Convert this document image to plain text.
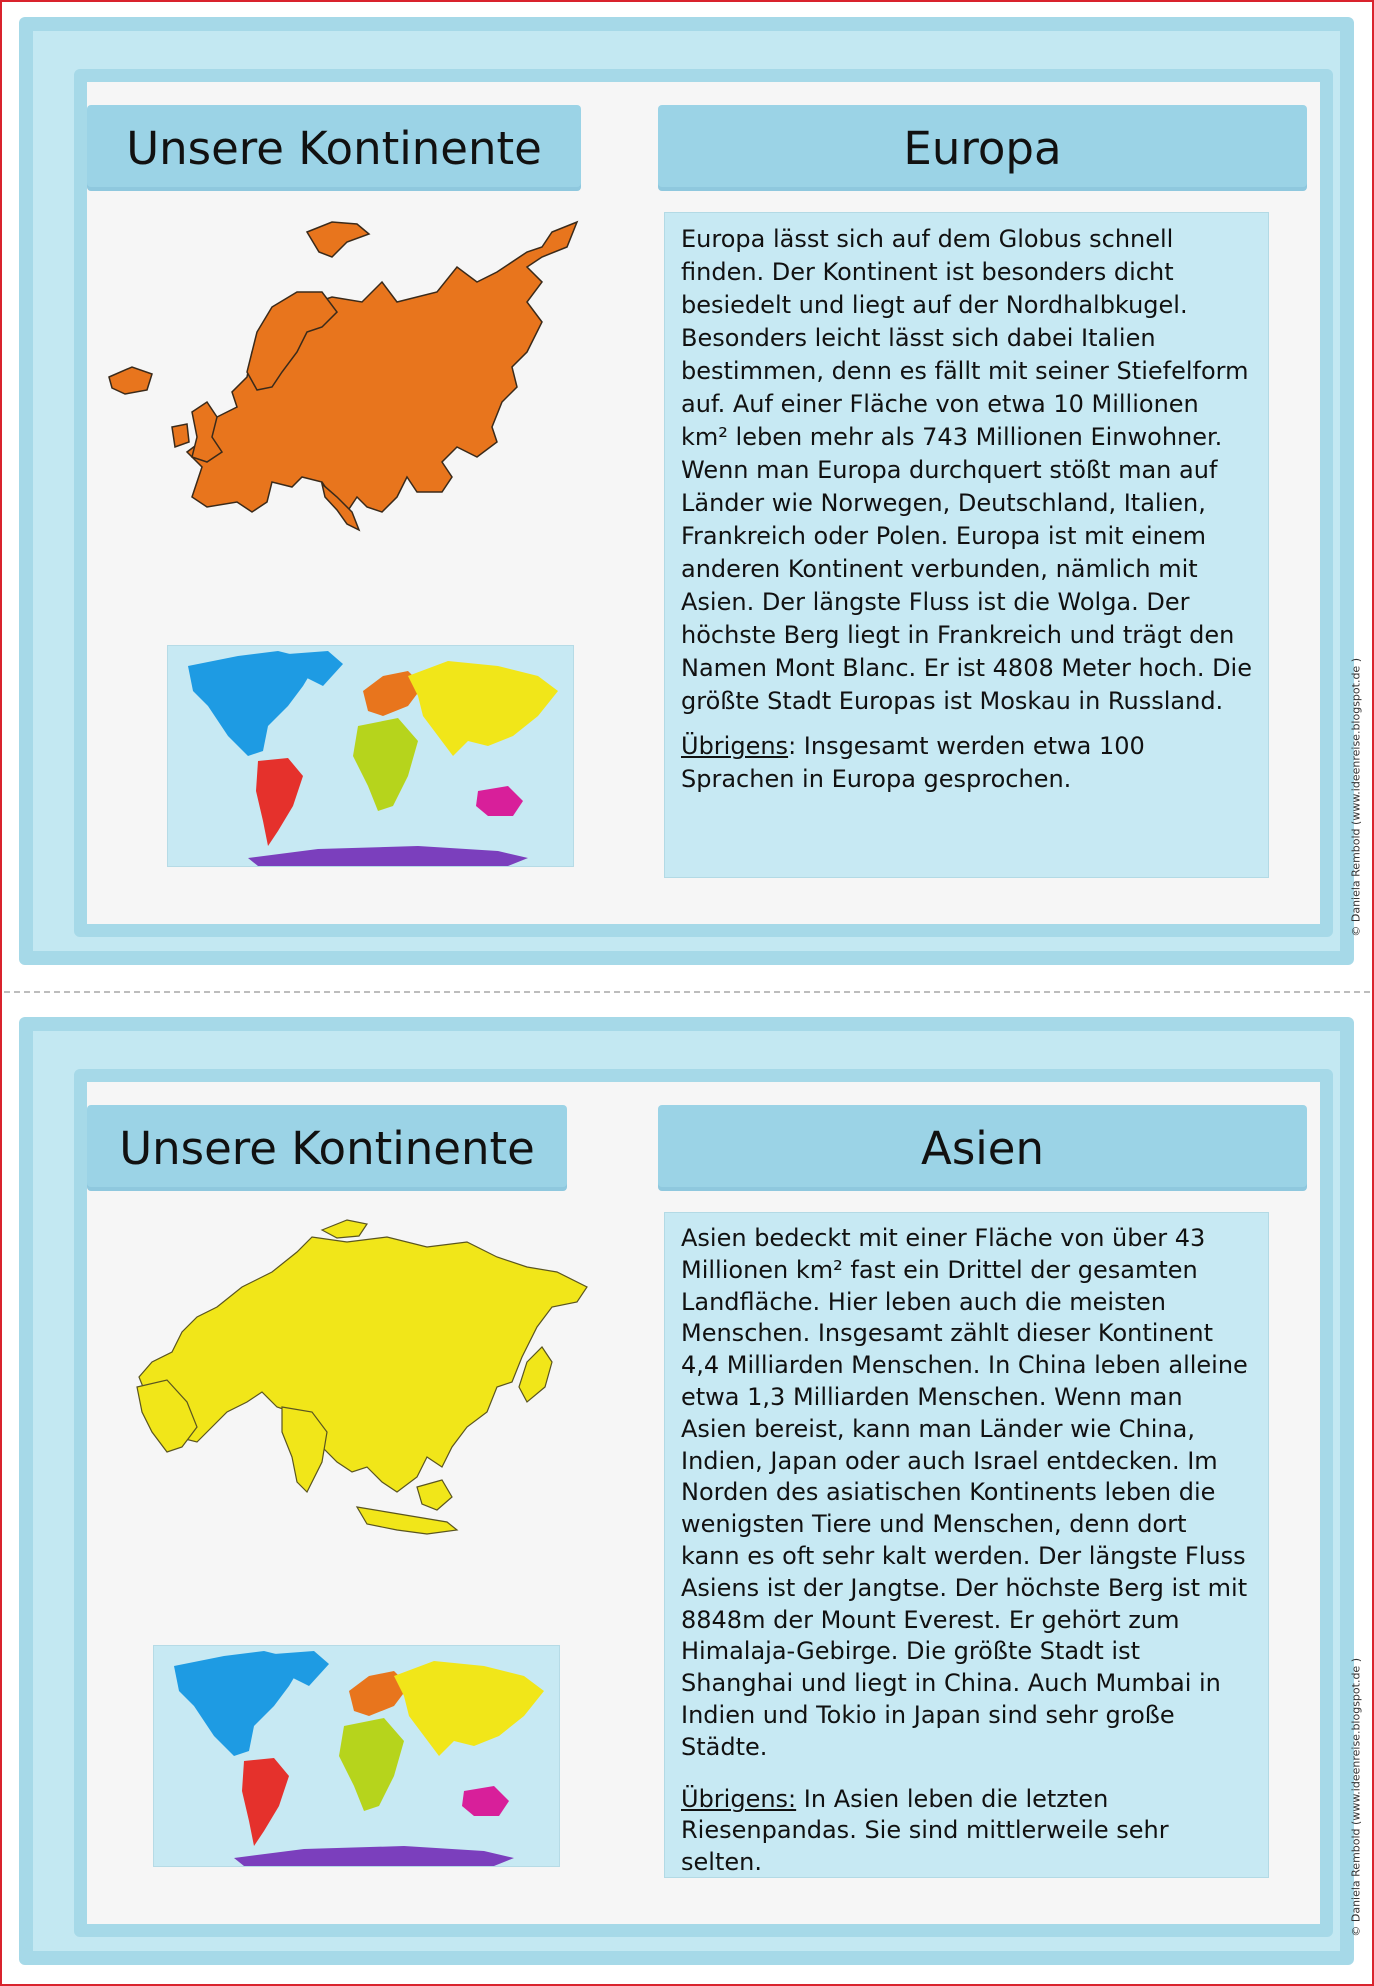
Unsere Kontinente	Europa

Europa lässt sich auf dem Globus schnell finden. Der Kontinent ist besonders dicht besiedelt und liegt auf der Nordhalbkugel. Besonders leicht lässt sich dabei Italien bestimmen, denn es fällt mit seiner Stiefelform auf. Auf einer Fläche von etwa 10 Millionen km² leben mehr als 743 Millionen Einwohner. Wenn man Europa durchquert stößt man auf Länder wie Norwegen, Deutschland, Italien, Frankreich oder Polen. Europa ist mit einem anderen Kontinent verbunden, nämlich mit Asien. Der längste Fluss ist die Wolga. Der höchste Berg liegt in Frankreich und trägt den Namen Mont Blanc. Er ist 4808 Meter hoch. Die größte Stadt Europas ist Moskau in Russland.

Übrigens: Insgesamt werden etwa 100 Sprachen in Europa gesprochen.	© Daniela Rembold (www.ideenreise.blogspot.de )
Unsere Kontinente	Asien

Asien bedeckt mit einer Fläche von über 43 Millionen km² fast ein Drittel der gesamten Landfläche. Hier leben auch die meisten Menschen. Insgesamt zählt dieser Kontinent 4,4 Milliarden Menschen. In China leben alleine etwa 1,3 Milliarden Menschen. Wenn man Asien bereist, kann man Länder wie China, Indien, Japan oder auch Israel entdecken. Im Norden des asiatischen Kontinents leben die wenigsten Tiere und Menschen, denn dort kann es oft sehr kalt werden. Der längste Fluss Asiens ist der Jangtse. Der höchste Berg ist mit 8848m der Mount Everest. Er gehört zum Himalaja-Gebirge. Die größte Stadt ist Shanghai und liegt in China. Auch Mumbai in Indien und Tokio in Japan sind sehr große Städte.

Übrigens: In Asien leben die letzten Riesenpandas. Sie sind mittlerweile sehr selten.	© Daniela Rembold (www.ideenreise.blogspot.de )
